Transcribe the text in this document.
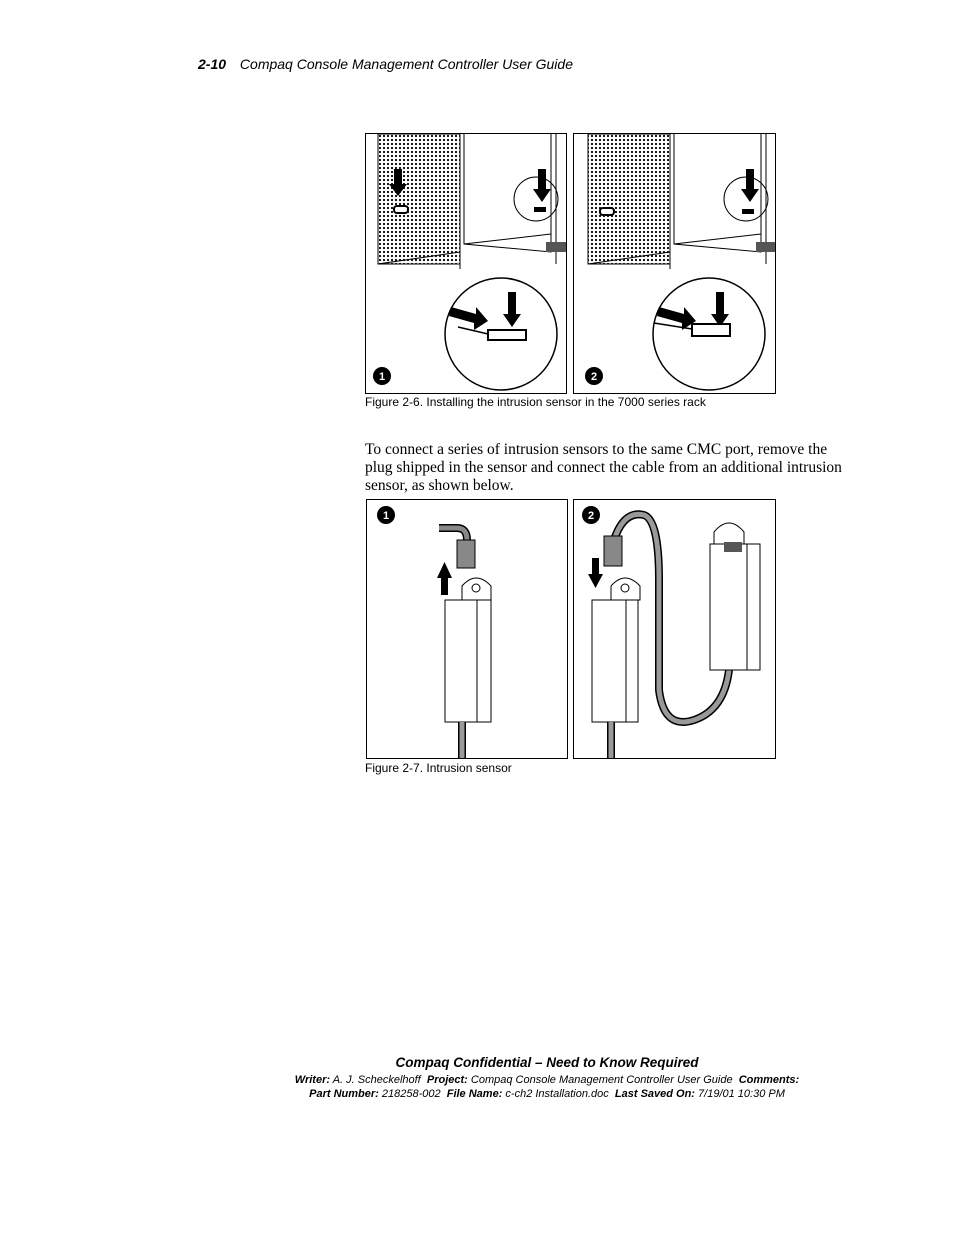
2-10 Compaq Console Management Controller User Guide
1	2
Figure 2-6. Installing the intrusion sensor in the 7000 series rack
To connect a series of intrusion sensors to the same CMC port, remove the plug shipped in the sensor and connect the cable from an additional intrusion sensor, as shown below.
1	2
Figure 2-7. Intrusion sensor
Compaq Confidential – Need to Know Required
Writer: A. J. Scheckelhoff Project: Compaq Console Management Controller User Guide Comments:
Part Number: 218258-002 File Name: c-ch2 Installation.doc Last Saved On: 7/19/01 10:30 PM
